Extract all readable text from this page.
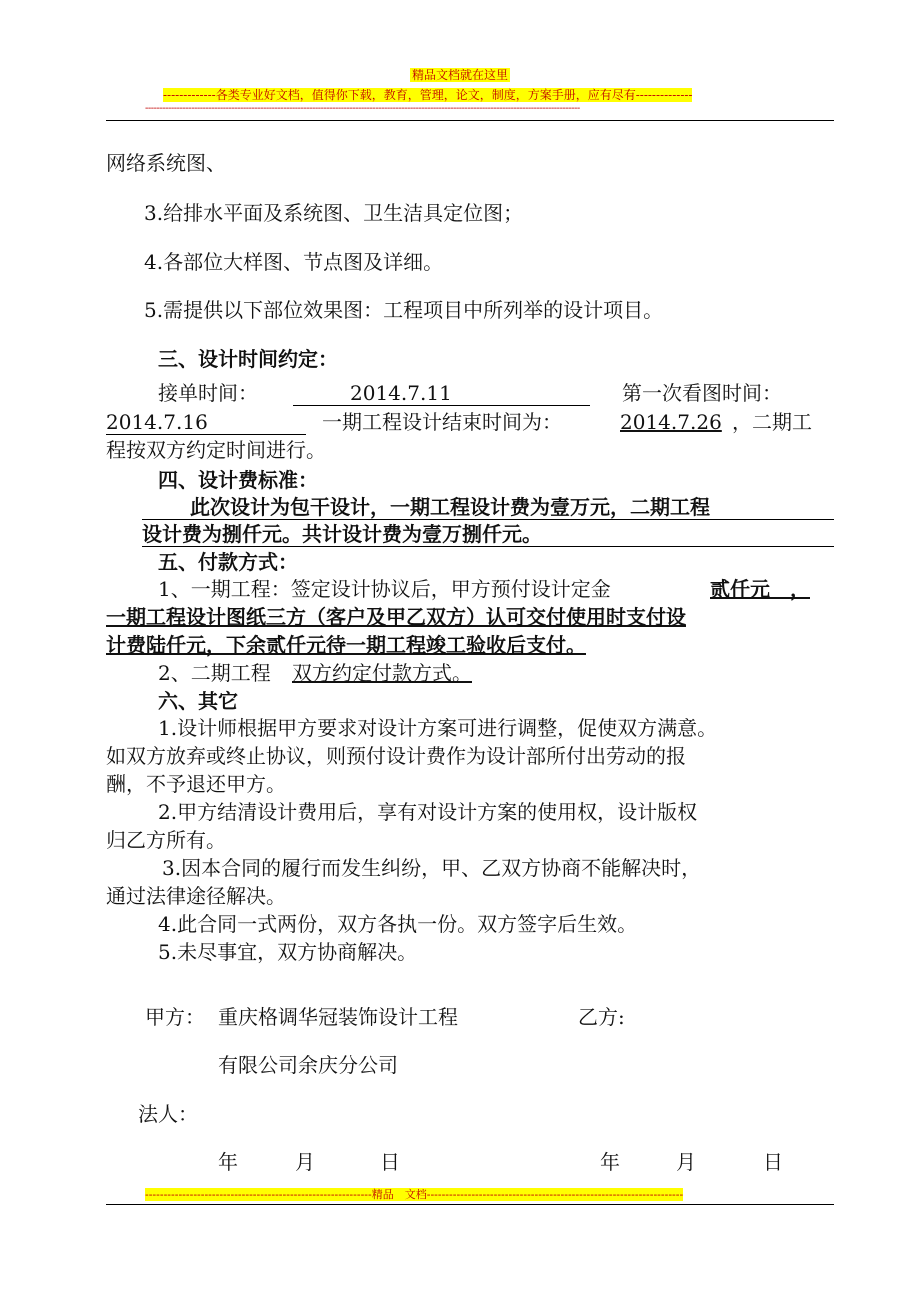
精品文档就在这里
-------------各类专业好文档，值得你下载，教育，管理，论文，制度，方案手册，应有尽有--------------
-------------------------------------------------------------------------------------------------------------------------------------------------------
网络系统图、
3.给排水平面及系统图、卫生洁具定位图；
4.各部位大样图、节点图及详细。
5.需提供以下部位效果图：工程项目中所列举的设计项目。
三、设计时间约定：
接单时间：	2014.7.11	第一次看图时间：
2014.7.16	一期工程设计结束时间为：	2014.7.26 ，二期工
程按双方约定时间进行。
四、设计费标准：
此次设计为包干设计，一期工程设计费为壹万元，二期工程
设计费为捌仟元。共计设计费为壹万捌仟元。
五、付款方式：
1、一期工程：签定设计协议后，甲方预付设计定金	贰仟元　，
一期工程设计图纸三方（客户及甲乙双方）认可交付使用时支付设
计费陆仟元，下余贰仟元待一期工程竣工验收后支付。
2、二期工程 双方约定付款方式。
六、其它
1.设计师根据甲方要求对设计方案可进行调整，促使双方满意。
如双方放弃或终止协议，则预付设计费作为设计部所付出劳动的报
酬，不予退还甲方。
2.甲方结清设计费用后，享有对设计方案的使用权，设计版权
归乙方所有。
3.因本合同的履行而发生纠纷，甲、乙双方协商不能解决时，
通过法律途径解决。
4.此合同一式两份，双方各执一份。双方签字后生效。
5.未尽事宜，双方协商解决。
甲方： 重庆格调华冠装饰设计工程	乙方:
有限公司余庆分公司
法人：
年	月	日	年	月	日
-------------------------------------------------------------精品　文档---------------------------------------------------------------------
